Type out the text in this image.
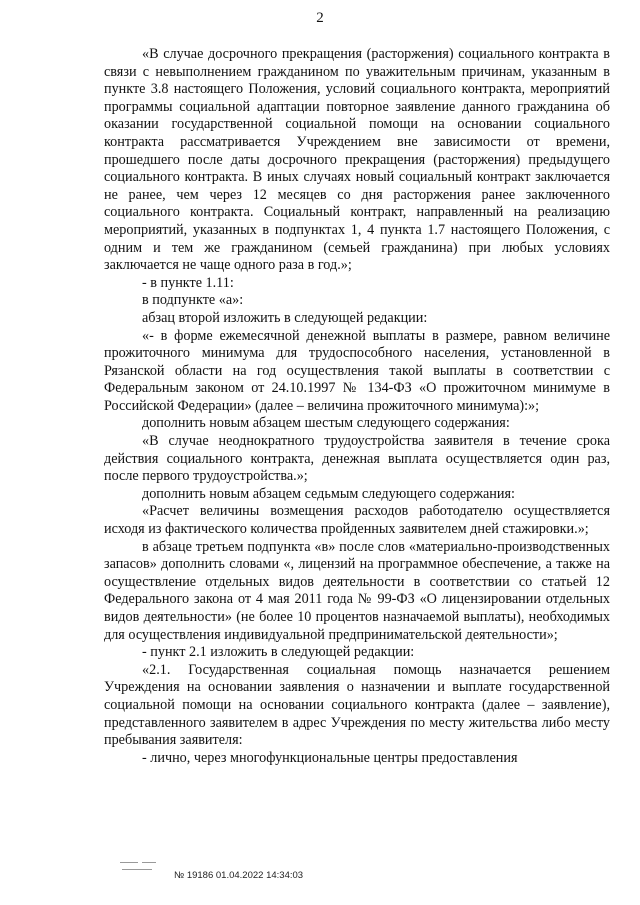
2

«В случае досрочного прекращения (расторжения) социального контракта в связи с невыполнением гражданином по уважительным причинам, указанным в пункте 3.8 настоящего Положения, условий социального контракта, мероприятий программы социальной адаптации повторное заявление данного гражданина об оказании государственной социальной помощи на основании социального контракта рассматривается Учреждением вне зависимости от времени, прошедшего после даты досрочного прекращения (расторжения) предыдущего социального контракта. В иных случаях новый социальный контракт заключается не ранее, чем через 12 месяцев со дня расторжения ранее заключенного социального контракта. Социальный контракт, направленный на реализацию мероприятий, указанных в подпунктах 1, 4 пункта 1.7 настоящего Положения, с одним и тем же гражданином (семьей гражданина) при любых условиях заключается не чаще одного раза в год.»;

- в пункте 1.11:

в подпункте «а»:

абзац второй изложить в следующей редакции:

«- в форме ежемесячной денежной выплаты в размере, равном величине прожиточного минимума для трудоспособного населения, установленной в Рязанской области на год осуществления такой выплаты в соответствии с Федеральным законом от 24.10.1997 № 134-ФЗ «О прожиточном минимуме в Российской Федерации» (далее – величина прожиточного минимума):»;

дополнить новым абзацем шестым следующего содержания:

«В случае неоднократного трудоустройства заявителя в течение срока действия социального контракта, денежная выплата осуществляется один раз, после первого трудоустройства.»;

дополнить новым абзацем седьмым следующего содержания:

«Расчет величины возмещения расходов работодателю осуществляется исходя из фактического количества пройденных заявителем дней стажировки.»;

в абзаце третьем подпункта «в» после слов «материально-производственных запасов» дополнить словами «, лицензий на программное обеспечение, а также на осуществление отдельных видов деятельности в соответствии со статьей 12 Федерального закона от 4 мая 2011 года № 99-ФЗ «О лицензировании отдельных видов деятельности» (не более 10 процентов назначаемой выплаты), необходимых для осуществления индивидуальной предпринимательской деятельности»;

- пункт 2.1 изложить в следующей редакции:

«2.1. Государственная социальная помощь назначается решением Учреждения на основании заявления о назначении и выплате государственной социальной помощи на основании социального контракта (далее – заявление), представленного заявителем в адрес Учреждения по месту жительства либо месту пребывания заявителя:

- лично, через многофункциональные центры предоставления

№ 19186 01.04.2022 14:34:03
